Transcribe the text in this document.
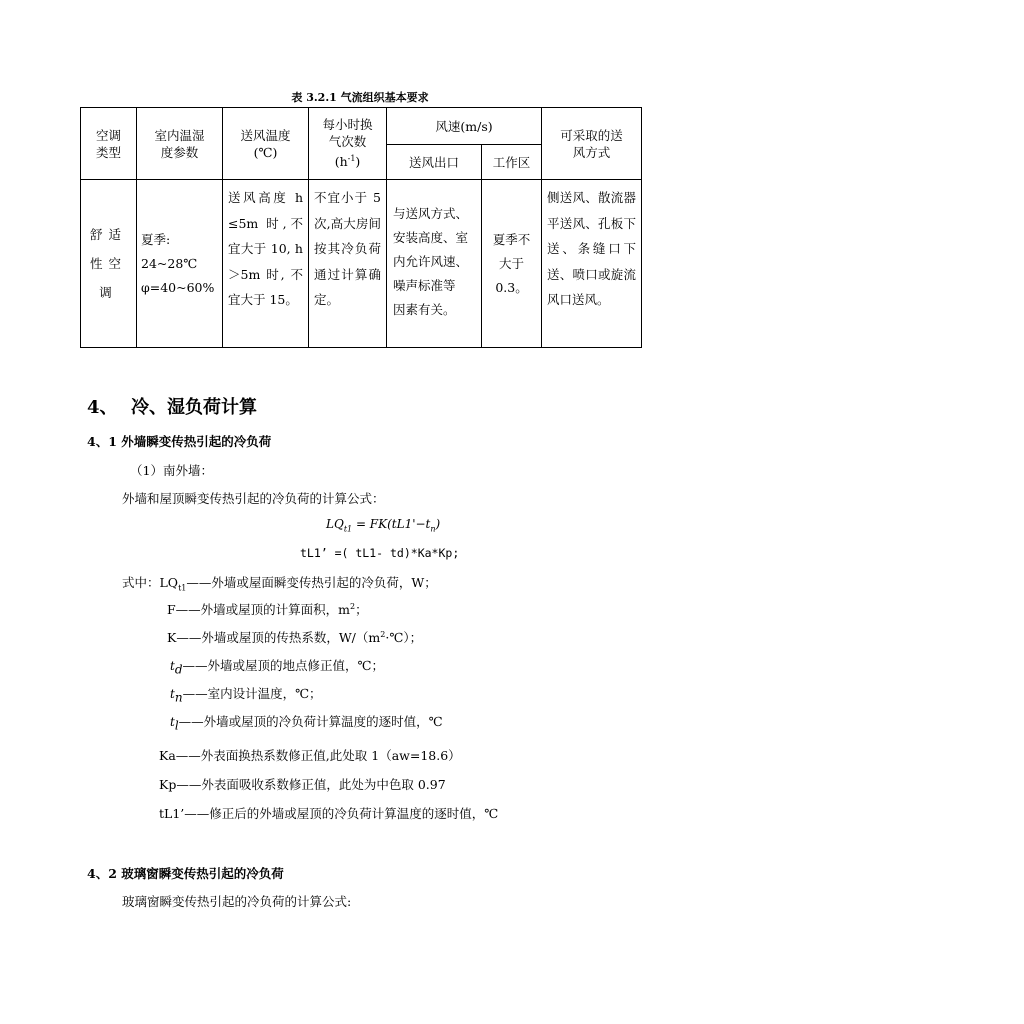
表 3.2.1 气流组织基本要求
空调
类型	室内温湿
度参数	送风温度
(℃)	每小时换
气次数
$(h^{-1})$	风速(m/s)		可采取的送
风方式

				送风出口	工作区	

舒适
性空
调	夏季:
24~28℃
φ=40~60%	送风高度 h ≤5m 时,不宜大于 10, h＞5m 时, 不宜大于 15。	不宜小于 5 次,高大房间按其冷负荷通过计算确定。	与送风方式、
安装高度、室
内允许风速、
噪声标准等
因素有关。	夏季不
大于
0.3。	侧送风、散流器平送风、孔板下送、条缝口下送、喷口或旋流风口送风。
4、 冷、湿负荷计算
4、1 外墙瞬变传热引起的冷负荷
（1）南外墙：
外墙和屋顶瞬变传热引起的冷负荷的计算公式：
$LQ_{t1} = FK(tL1'-t_n)$
tL1’ =( tL1- td)*Ka*Kp;
式中：$LQ_{t1}——$外墙或屋面瞬变传热引起的冷负荷，W；
F——外墙或屋顶的计算面积，$m^2$；
K——外墙或屋顶的传热系数，$W/(m^2\cdot℃)$；
$t_d——$外墙或屋顶的地点修正值，℃；
$t_n——$室内设计温度，℃；
$t_l——$外墙或屋顶的冷负荷计算温度的逐时值，℃
Ka——外表面换热系数修正值,此处取 1（aw=18.6）
Kp——外表面吸收系数修正值，此处为中色取 0.97
tL1’——修正后的外墙或屋顶的冷负荷计算温度的逐时值，℃
4、2 玻璃窗瞬变传热引起的冷负荷
玻璃窗瞬变传热引起的冷负荷的计算公式:
